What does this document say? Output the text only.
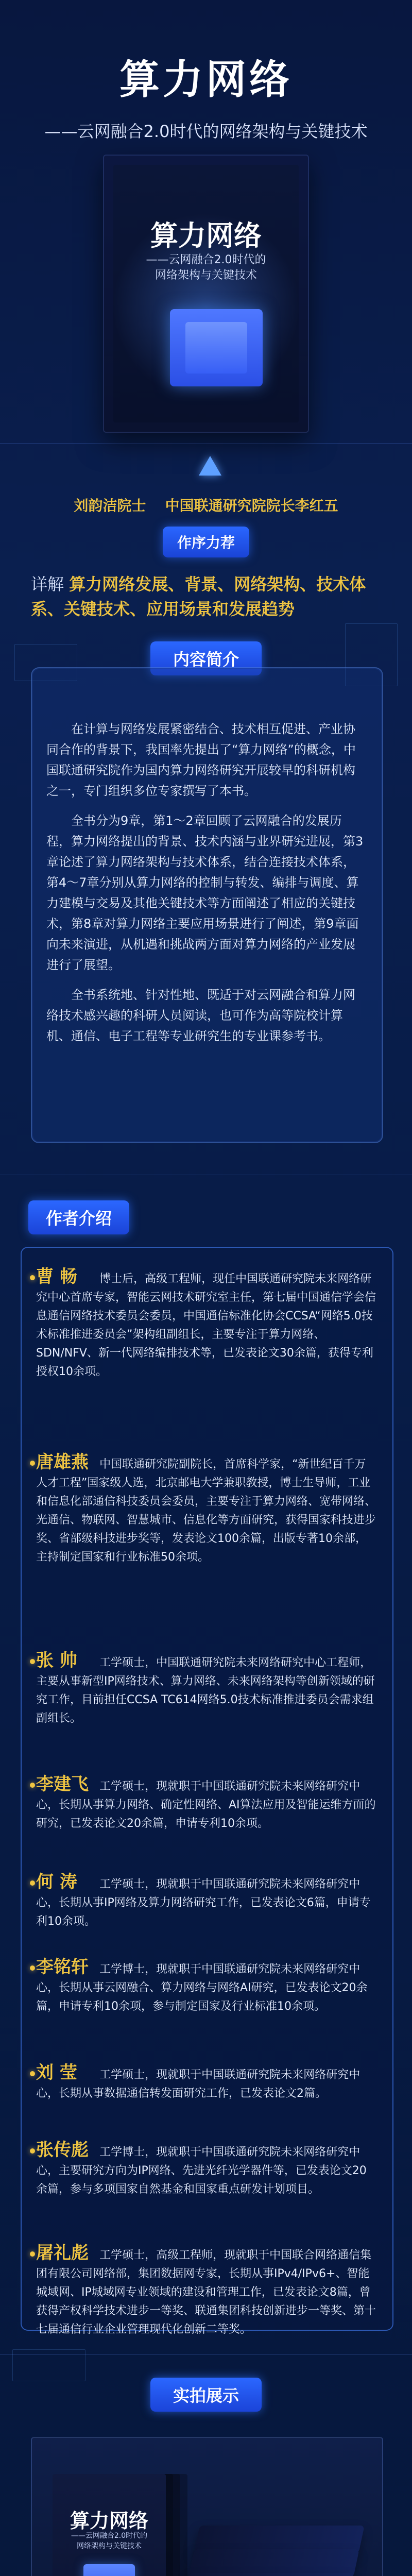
算力网络
——云网融合2.0时代的网络架构与关键技术
算力网络
——云网融合2.0时代的
网络架构与关键技术
刘韵洁院士 中国联通研究院院长李红五
作序力荐
详解 算力网络发展、背景、网络架构、技术体系、关键技术、应用场景和发展趋势
内容简介

在计算与网络发展紧密结合、技术相互促进、产业协同合作的背景下，我国率先提出了“算力网络”的概念，中国联通研究院作为国内算力网络研究开展较早的科研机构之一，专门组织多位专家撰写了本书。

全书分为9章，第1～2章回顾了云网融合的发展历程，算力网络提出的背景、技术内涵与业界研究进展，第3章论述了算力网络架构与技术体系，结合连接技术体系，第4～7章分别从算力网络的控制与转发、编排与调度、算力建模与交易及其他关键技术等方面阐述了相应的关键技术，第8章对算力网络主要应用场景进行了阐述，第9章面向未来演进，从机遇和挑战两方面对算力网络的产业发展进行了展望。

全书系统地、针对性地、既适于对云网融合和算力网络技术感兴趣的科研人员阅读，也可作为高等院校计算机、通信、电子工程等专业研究生的专业课参考书。

作者介绍
曹 畅 博士后，高级工程师，现任中国联通研究院未来网络研究中心首席专家，智能云网技术研究室主任，第七届中国通信学会信息通信网络技术委员会委员，中国通信标准化协会CCSA“网络5.0技术标准推进委员会”架构组副组长，主要专注于算力网络、SDN/NFV、新一代网络编排技术等，已发表论文30余篇，获得专利授权10余项。
唐雄燕 中国联通研究院副院长，首席科学家，“新世纪百千万人才工程”国家级人选，北京邮电大学兼职教授，博士生导师，工业和信息化部通信科技委员会委员，主要专注于算力网络、宽带网络、光通信、物联网、智慧城市、信息化等方面研究，获得国家科技进步奖、省部级科技进步奖等，发表论文100余篇，出版专著10余部，主持制定国家和行业标准50余项。
张 帅 工学硕士，中国联通研究院未来网络研究中心工程师，主要从事新型IP网络技术、算力网络、未来网络架构等创新领域的研究工作，目前担任CCSA TC614网络5.0技术标准推进委员会需求组副组长。
李建飞 工学硕士，现就职于中国联通研究院未来网络研究中心，长期从事算力网络、确定性网络、AI算法应用及智能运维方面的研究，已发表论文20余篇，申请专利10余项。
何 涛 工学硕士，现就职于中国联通研究院未来网络研究中心，长期从事IP网络及算力网络研究工作，已发表论文6篇，申请专利10余项。
李铭轩 工学博士，现就职于中国联通研究院未来网络研究中心，长期从事云网融合、算力网络与网络AI研究，已发表论文20余篇，申请专利10余项，参与制定国家及行业标准10余项。
刘 莹 工学硕士，现就职于中国联通研究院未来网络研究中心，长期从事数据通信转发面研究工作，已发表论文2篇。
张传彪 工学博士，现就职于中国联通研究院未来网络研究中心，主要研究方向为IP网络、先进光纤光学器件等，已发表论文20余篇，参与多项国家自然基金和国家重点研发计划项目。
屠礼彪 工学硕士，高级工程师，现就职于中国联合网络通信集团有限公司网络部，集团数据网专家，长期从事IPv4/IPv6+、智能城域网、IP城域网专业领域的建设和管理工作，已发表论文8篇，曾获得产权科学技术进步一等奖、联通集团科技创新进步一等奖、第十七届通信行业企业管理现代化创新二等奖。
实拍展示
算力网络
——云网融合2.0时代的
网络架构与关键技术
